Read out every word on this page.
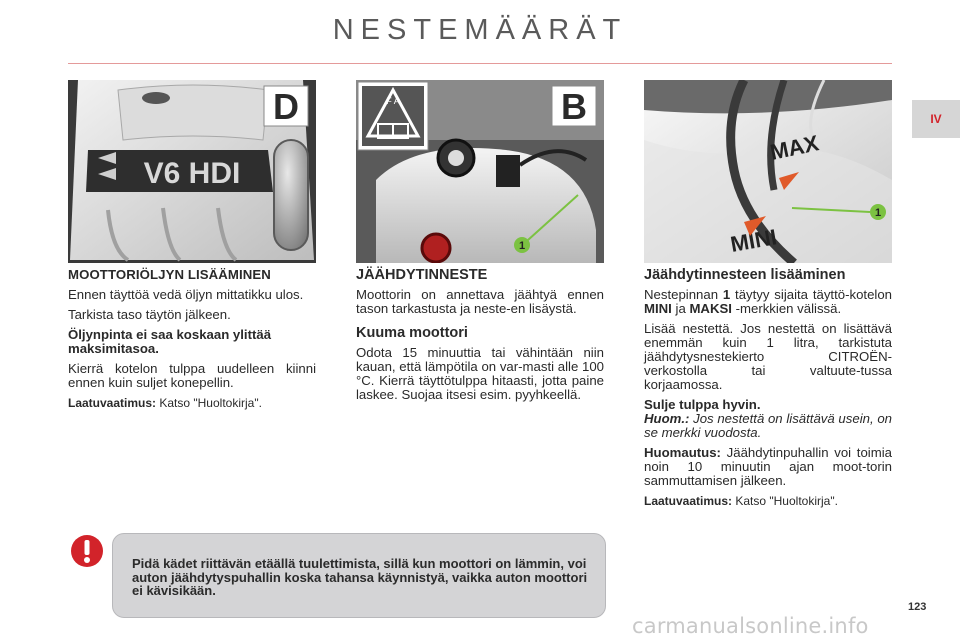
NESTEMÄÄRÄT
IV
V6 HDI
D	F A	B
1
MAX
MINI
1
MOOTTORIÖLJYN LISÄÄMINEN

Ennen täyttöä vedä öljyn mittatikku ulos.

Tarkista taso täytön jälkeen.

Öljynpinta ei saa koskaan ylittää maksimitasoa.

Kierrä kotelon tulppa uudelleen kiinni ennen kuin suljet konepellin.

Laatuvaatimus: Katso "Huoltokirja".

JÄÄHDYTINNESTE

Moottorin on annettava jäähtyä ennen tason tarkastusta ja neste-en lisäystä.

Kuuma moottori

Odota 15 minuuttia tai vähintään niin kauan, että lämpötila on var-masti alle 100 °C. Kierrä täyttötulppa hitaasti, jotta paine laskee. Suojaa itsesi esim. pyyhkeellä.

Jäähdytinnesteen lisääminen

Nestepinnan 1 täytyy sijaita täyttö-kotelon MINI ja MAKSI -merkkien välissä.

Lisää nestettä. Jos nestettä on lisättävä enemmän kuin 1 litra, tarkistuta jäähdytysnestekierto CITROËN-verkostolla tai valtuute-tussa korjaamossa.

Sulje tulppa hyvin.

Huom.: Jos nestettä on lisättävä usein, on se merkki vuodosta.

Huomautus: Jäähdytinpuhallin voi toimia noin 10 minuutin ajan moot-torin sammuttamisen jälkeen.

Laatuvaatimus: Katso "Huoltokirja".

Pidä kädet riittävän etäällä tuulettimista, sillä kun moottori on lämmin, voi auton jäähdytyspuhallin koska tahansa käynnistyä, vaikka auton moottori ei kävisikään.
123
carmanualsonline.info
